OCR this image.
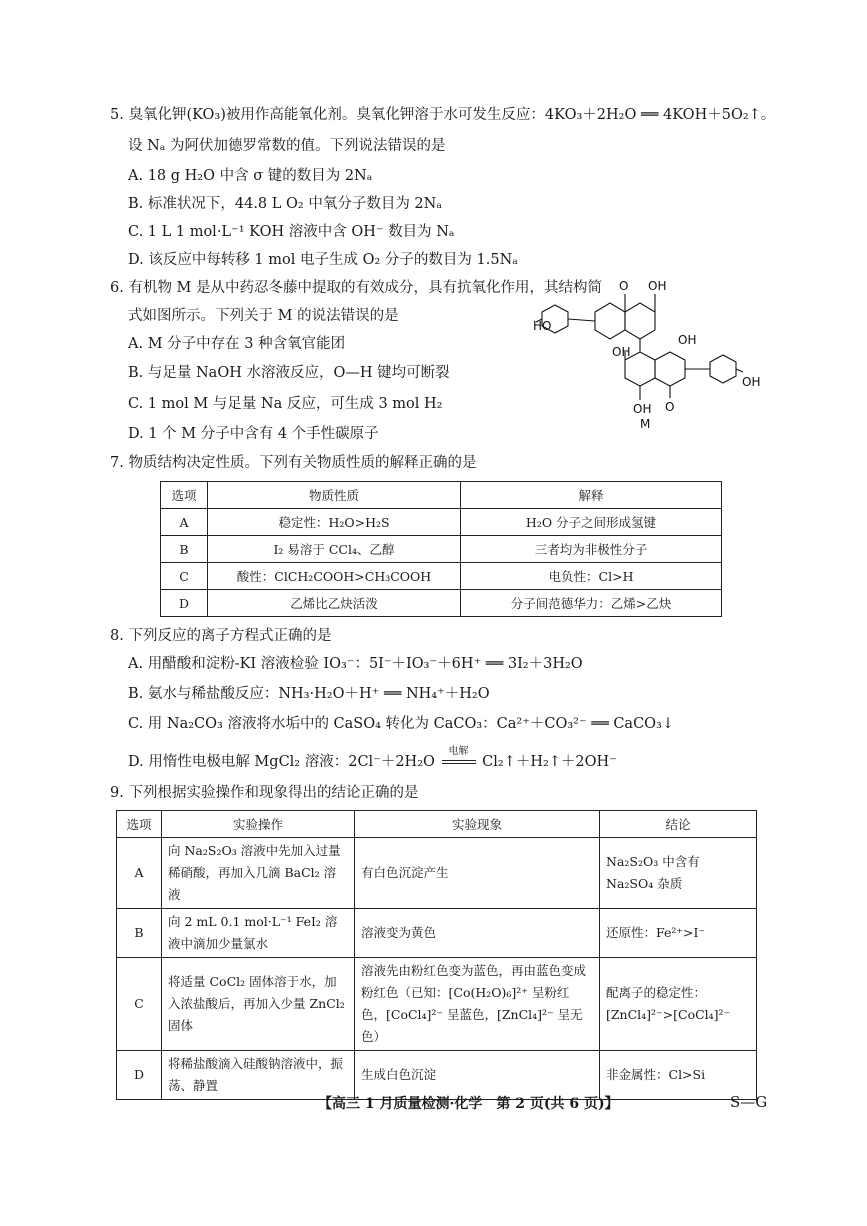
5. 臭氧化钾(KO₃)被用作高能氧化剂。臭氧化钾溶于水可发生反应：4KO₃＋2H₂O ══ 4KOH＋5O₂↑。
设 Nₐ 为阿伏加德罗常数的值。下列说法错误的是
A. 18 g H₂O 中含 σ 键的数目为 2Nₐ
B. 标准状况下，44.8 L O₂ 中氧分子数目为 2Nₐ
C. 1 L 1 mol·L⁻¹ KOH 溶液中含 OH⁻ 数目为 Nₐ
D. 该反应中每转移 1 mol 电子生成 O₂ 分子的数目为 1.5Nₐ
6. 有机物 M 是从中药忍冬藤中提取的有效成分，具有抗氧化作用，其结构简
式如图所示。下列关于 M 的说法错误的是
A. M 分子中存在 3 种含氧官能团
B. 与足量 NaOH 水溶液反应，O—H 键均可断裂
C. 1 mol M 与足量 Na 反应，可生成 3 mol H₂
D. 1 个 M 分子中含有 4 个手性碳原子
O OH
HO
OH
OH
OH
OH O
M
7. 物质结构决定性质。下列有关物质性质的解释正确的是
选项	物质性质	解释
A	稳定性：H₂O>H₂S	H₂O 分子之间形成氢键
B	I₂ 易溶于 CCl₄、乙醇	三者均为非极性分子
C	酸性：ClCH₂COOH>CH₃COOH	电负性：Cl>H
D	乙烯比乙炔活泼	分子间范德华力：乙烯>乙炔
8. 下列反应的离子方程式正确的是
A. 用醋酸和淀粉-KI 溶液检验 IO₃⁻：5I⁻＋IO₃⁻＋6H⁺ ══ 3I₂＋3H₂O
B. 氨水与稀盐酸反应：NH₃·H₂O＋H⁺ ══ NH₄⁺＋H₂O
C. 用 Na₂CO₃ 溶液将水垢中的 CaSO₄ 转化为 CaCO₃：Ca²⁺＋CO₃²⁻ ══ CaCO₃↓
D. 用惰性电极电解 MgCl₂ 溶液：2Cl⁻＋2H₂O
电解
Cl₂↑＋H₂↑＋2OH⁻
9. 下列根据实验操作和现象得出的结论正确的是
选项	实验操作	实验现象	结论
A	向 Na₂S₂O₃ 溶液中先加入过量稀硝酸，再加入几滴 BaCl₂ 溶液	有白色沉淀产生	Na₂S₂O₃ 中含有 Na₂SO₄ 杂质
B	向 2 mL 0.1 mol·L⁻¹ FeI₂ 溶液中滴加少量氯水	溶液变为黄色	还原性：Fe²⁺>I⁻
C	将适量 CoCl₂ 固体溶于水，加入浓盐酸后，再加入少量 ZnCl₂ 固体	溶液先由粉红色变为蓝色，再由蓝色变成粉红色（已知：[Co(H₂O)₆]²⁺ 呈粉红色，[CoCl₄]²⁻ 呈蓝色，[ZnCl₄]²⁻ 呈无色）	配离子的稳定性：[ZnCl₄]²⁻>[CoCl₄]²⁻
D	将稀盐酸滴入硅酸钠溶液中，振荡、静置	生成白色沉淀	非金属性：Cl>Si
【高三 1 月质量检测·化学　第 2 页(共 6 页)】	S—G
